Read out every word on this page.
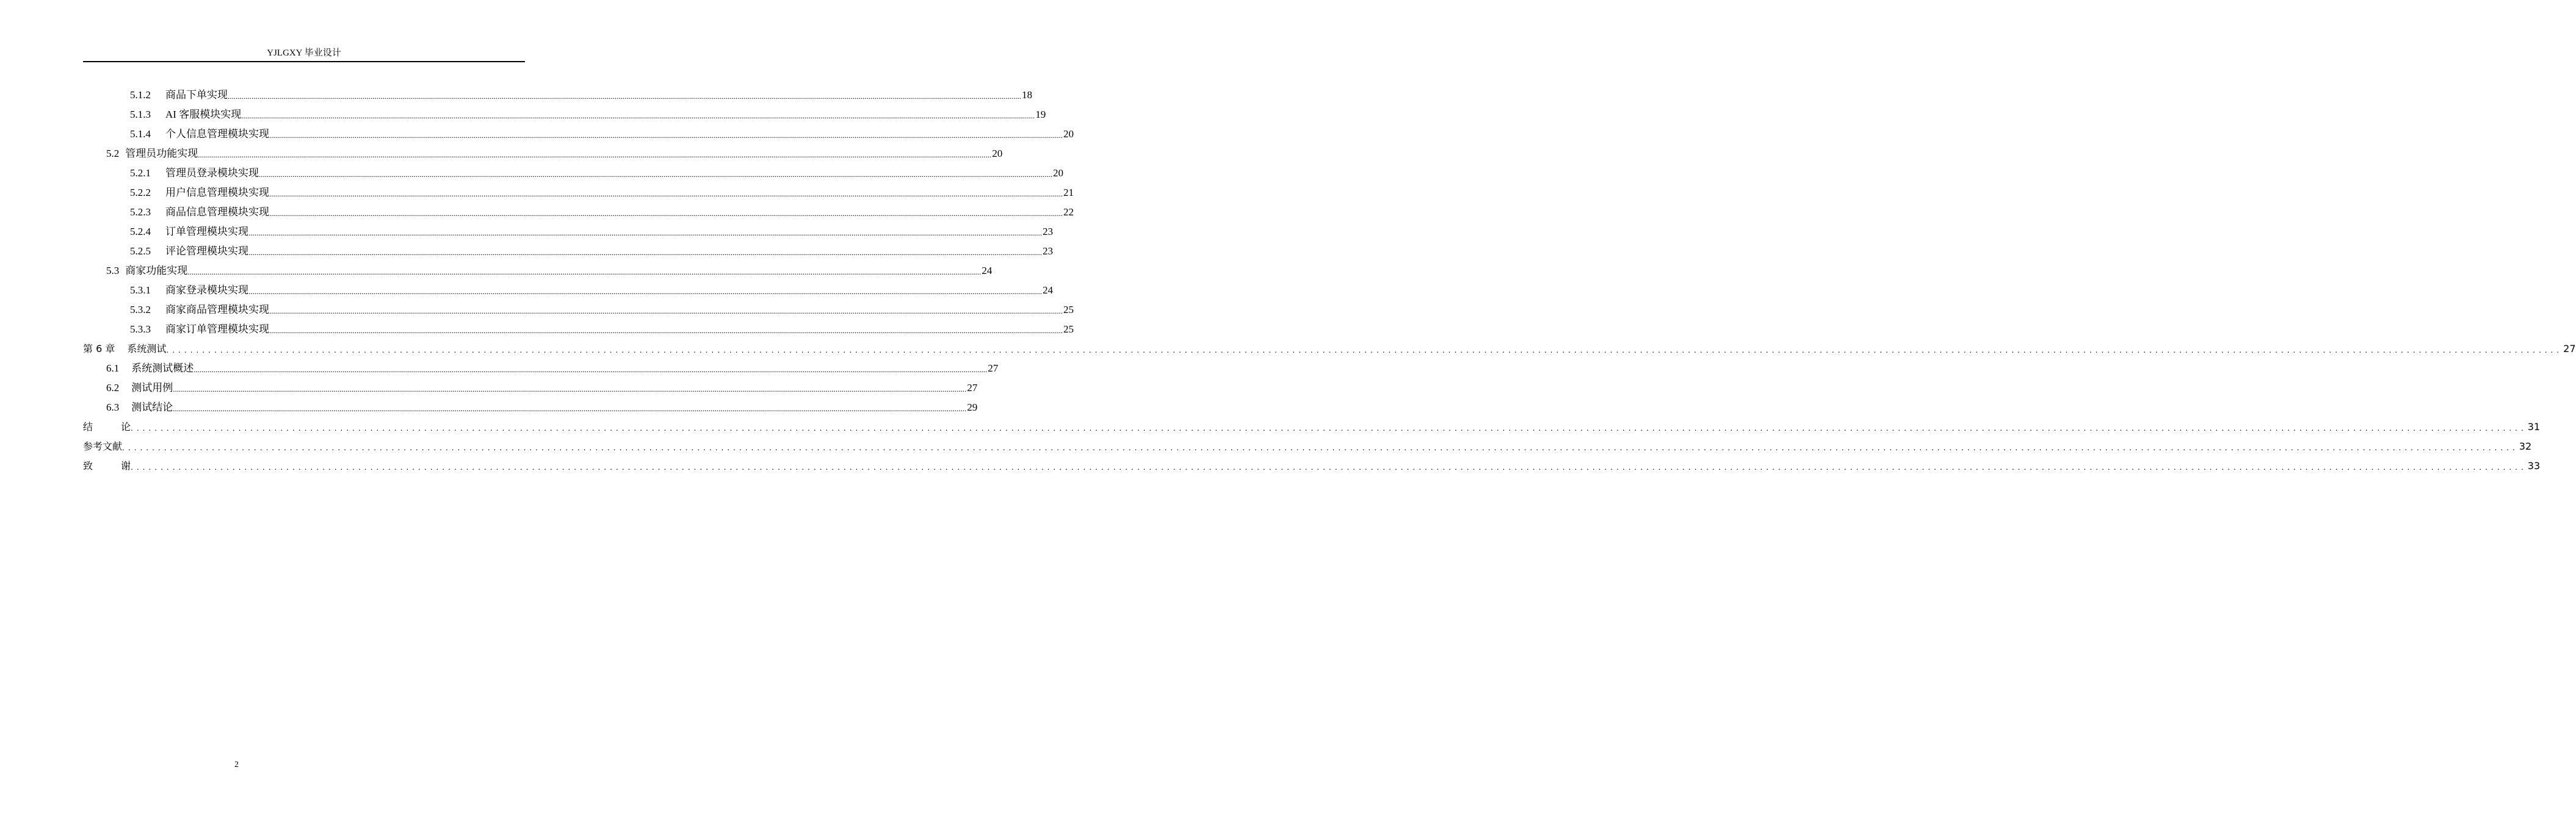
YJLGXY 毕业设计
5.1.2	商品下单实现 ................................................................................................................................................................................................................................................................................................................................................................................................................ 18
5.1.3	AI 客服模块实现 ................................................................................................................................................................................................................................................................................................................................................................................................................ 19
5.1.4	个人信息管理模块实现 ................................................................................................................................................................................................................................................................................................................................................................................................................ 20
5.2 管理员功能实现 ................................................................................................................................................................................................................................................................................................................................................................................................................ 20
5.2.1	管理员登录模块实现 ................................................................................................................................................................................................................................................................................................................................................................................................................ 20
5.2.2	用户信息管理模块实现 ................................................................................................................................................................................................................................................................................................................................................................................................................ 21
5.2.3	商品信息管理模块实现 ................................................................................................................................................................................................................................................................................................................................................................................................................ 22
5.2.4	订单管理模块实现 ................................................................................................................................................................................................................................................................................................................................................................................................................ 23
5.2.5	评论管理模块实现 ................................................................................................................................................................................................................................................................................................................................................................................................................ 23
5.3 商家功能实现 ................................................................................................................................................................................................................................................................................................................................................................................................................ 24
5.3.1	商家登录模块实现 ................................................................................................................................................................................................................................................................................................................................................................................................................ 24
5.3.2	商家商品管理模块实现 ................................................................................................................................................................................................................................................................................................................................................................................................................ 25
5.3.3	商家订单管理模块实现 ................................................................................................................................................................................................................................................................................................................................................................................................................ 25
第 6 章 系统测试 ................................................................................................................................................................................................................................................................................................................................................................................................................ 27
6.1 系统测试概述 ................................................................................................................................................................................................................................................................................................................................................................................................................ 27
6.2 测试用例 ................................................................................................................................................................................................................................................................................................................................................................................................................ 27
6.3 测试结论 ................................................................................................................................................................................................................................................................................................................................................................................................................ 29
结 论 ................................................................................................................................................................................................................................................................................................................................................................................................................ 31
参考文献 ................................................................................................................................................................................................................................................................................................................................................................................................................ 32
致 谢 ................................................................................................................................................................................................................................................................................................................................................................................................................ 33
2
